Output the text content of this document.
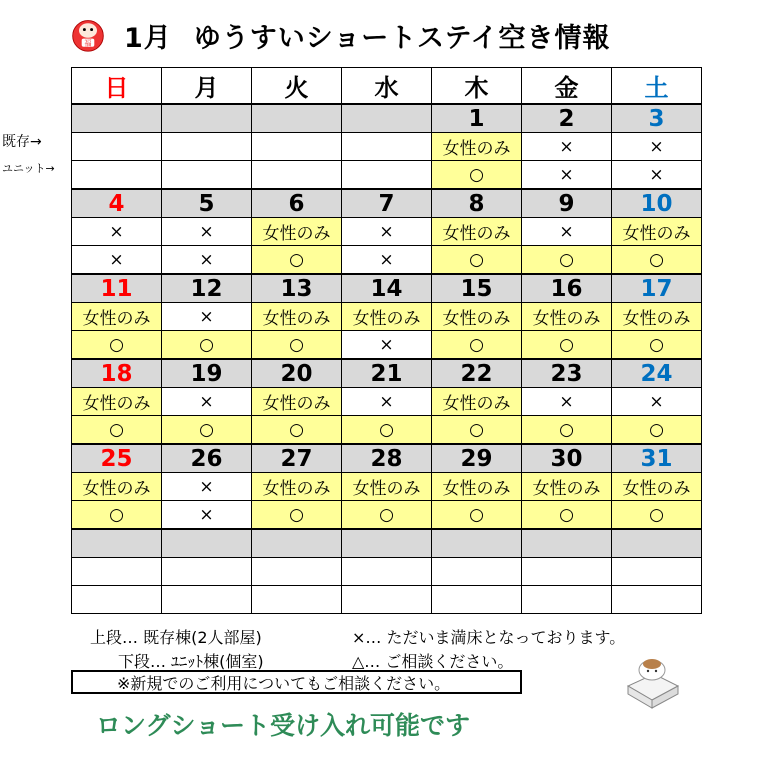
福 1月 ゆうすいショートステイ空き情報
日	月	火	水	木	金	土
				1	2	3
				女性のみ	×	×
				○	×	×
4	5	6	7	8	9	10
×	×	女性のみ	×	女性のみ	×	女性のみ
×	×	○	×	○	○	○
11	12	13	14	15	16	17
女性のみ	×	女性のみ	女性のみ	女性のみ	女性のみ	女性のみ
○	○	○	×	○	○	○
18	19	20	21	22	23	24
女性のみ	×	女性のみ	×	女性のみ	×	×
○	○	○	○	○	○	○
25	26	27	28	29	30	31
女性のみ	×	女性のみ	女性のみ	女性のみ	女性のみ	女性のみ
○	×	○	○	○	○	○

既存→
ユニット→
上段… 既存棟(2人部屋)
下段… ﾕﾆｯﾄ棟(個室)
×… ただいま満床となっております。
△… ご相談ください。
※新規でのご利用についてもご相談ください。
ロングショート受け入れ可能です
